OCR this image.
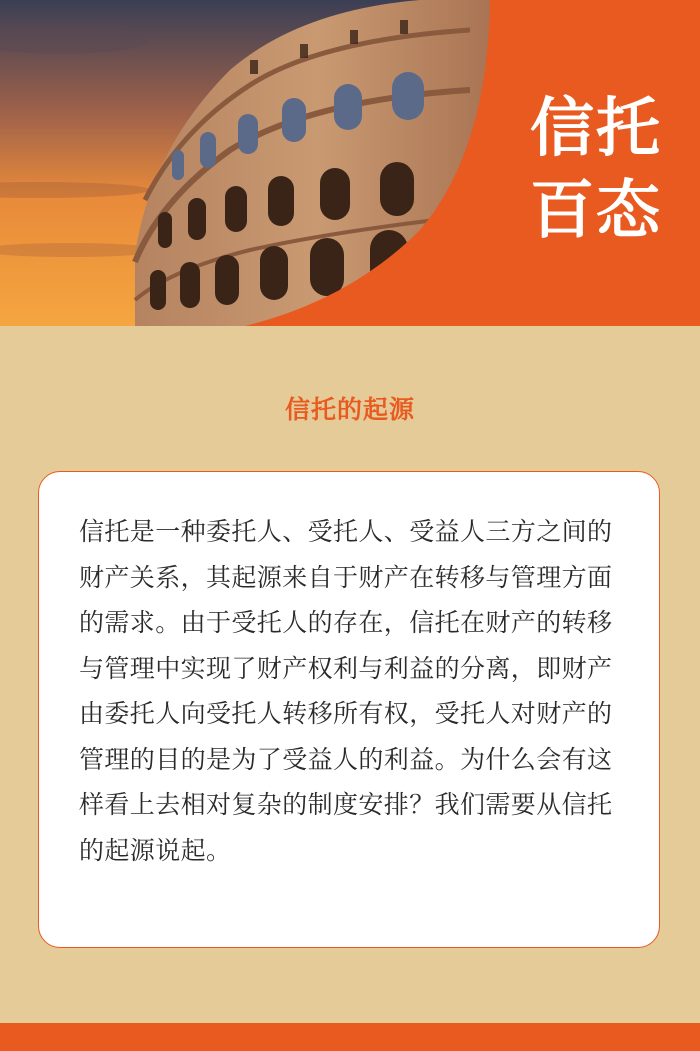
信托
百态
信托的起源

信托是一种委托人、受托人、受益人三方之间的财产关系，其起源来自于财产在转移与管理方面的需求。由于受托人的存在，信托在财产的转移与管理中实现了财产权利与利益的分离，即财产由委托人向受托人转移所有权，受托人对财产的管理的目的是为了受益人的利益。为什么会有这样看上去相对复杂的制度安排？我们需要从信托的起源说起。
